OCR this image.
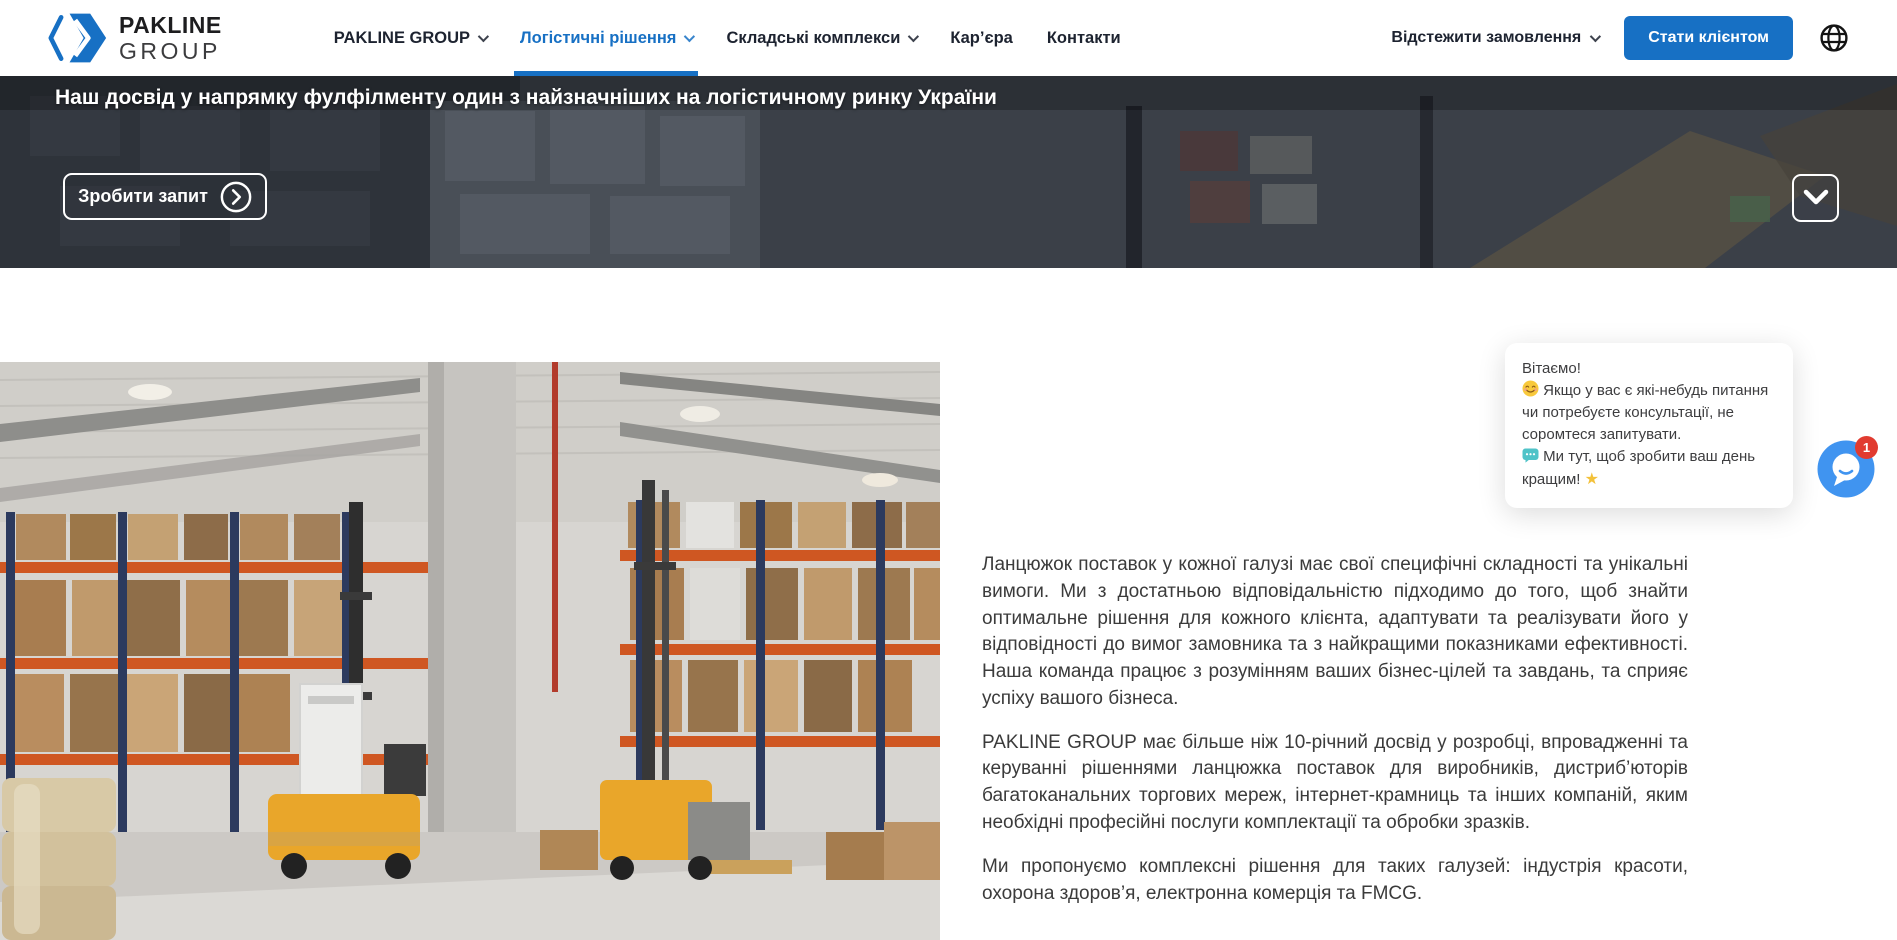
PAKLINE
GROUP	PAKLINE GROUP	Логістичні рішення	Складські комплекси	Кар’єра Контакти	Відстежити замовлення	Стати клієнтом
Наш досвід у напрямку фулфілменту один з найзначніших на логістичному ринку України
Зробити запит

Ланцюжок поставок у кожної галузі має свої специфічні складності та унікальні вимоги. Ми з достатньою відповідальністю підходимо до того, щоб знайти оптимальне рішення для кожного клієнта, адаптувати та реалізувати його у відповідності до вимог замовника та з найкращими показниками ефективності. Наша команда працює з розумінням ваших бізнес-цілей та завдань, та сприяє успіху вашого бізнеса.

PAKLINE GROUP має більше ніж 10-річний досвід у розробці, впровадженні та керуванні рішеннями ланцюжка поставок для виробників, дистриб’юторів багатоканальних торгових мереж, інтернет-крамниць та інших компаній, яким необхідні професійні послуги комплектації та обробки зразків.

Ми пропонуємо комплексні рішення для таких галузей: індустрія красоти, охорона здоров’я, електронна комерція та FMCG.

Вітаємо!

Якщо у вас є які-небудь питання чи потребуєте консультації, не соромтеся запитувати.

Ми тут, щоб зробити ваш день кращим! ★

1
